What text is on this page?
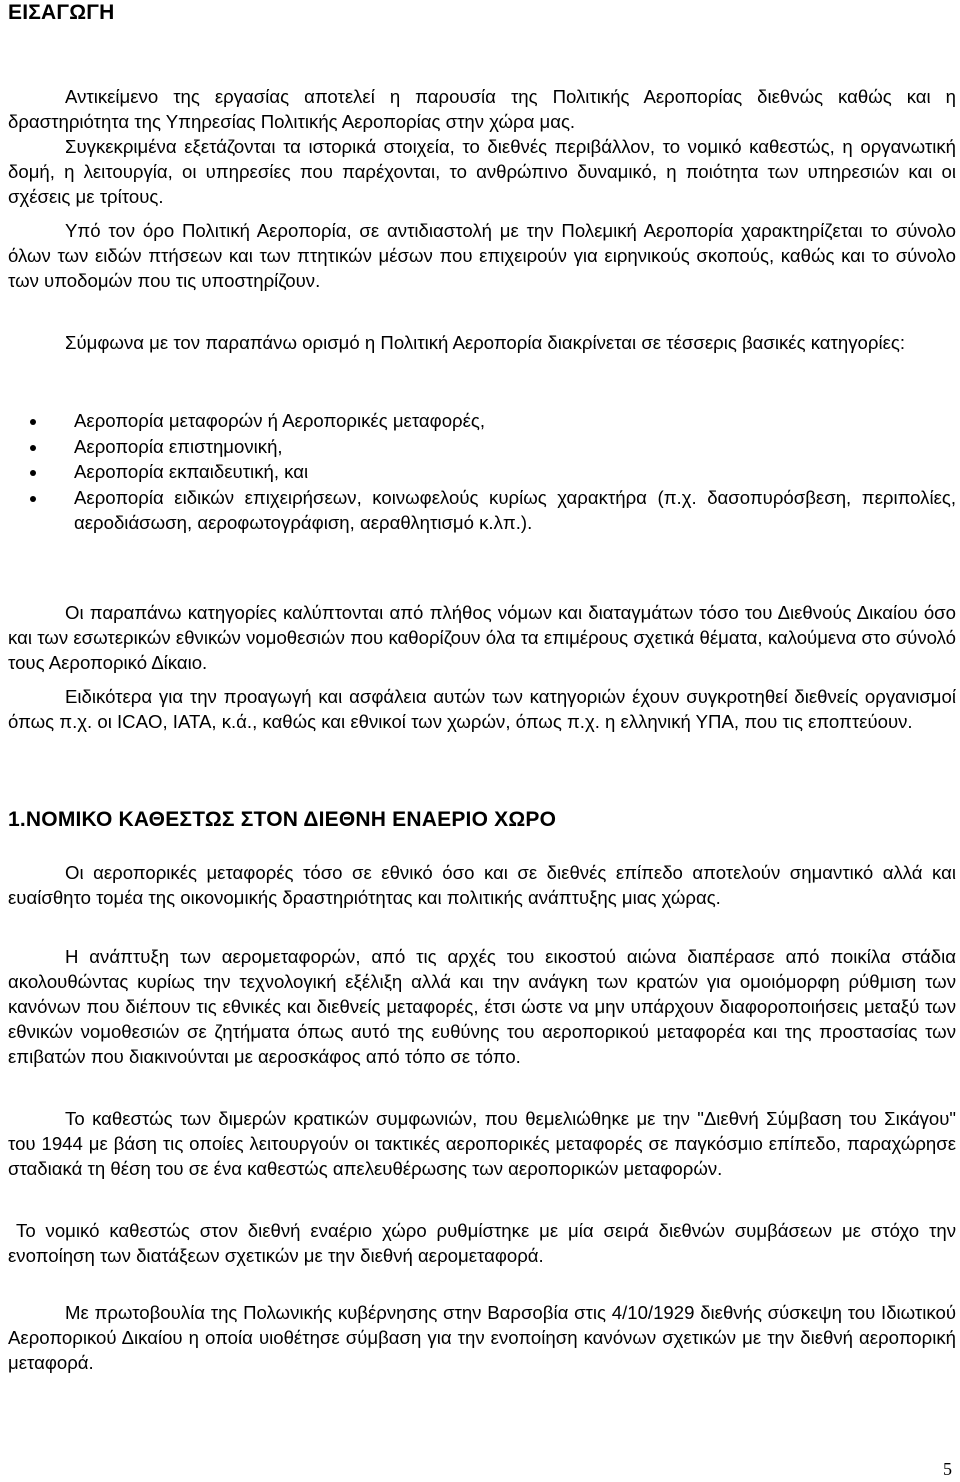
ΕΙΣΑΓΩΓΗ

Αντικείμενο της εργασίας αποτελεί η παρουσία της Πολιτικής Αεροπορίας διεθνώς καθώς και η δραστηριότητα της Υπηρεσίας Πολιτικής Αεροπορίας στην χώρα μας.

Συγκεκριμένα εξετάζονται τα ιστορικά στοιχεία, το διεθνές περιβάλλον, το νομικό καθεστώς, η οργανωτική δομή, η λειτουργία, οι υπηρεσίες που παρέχονται, το ανθρώπινο δυναμικό, η ποιότητα των υπηρεσιών και οι σχέσεις με τρίτους.

Υπό τον όρο Πολιτική Αεροπορία, σε αντιδιαστολή με την Πολεμική Αεροπορία χαρακτηρίζεται το σύνολο όλων των ειδών πτήσεων και των πτητικών μέσων που επιχειρούν για ειρηνικούς σκοπούς, καθώς και το σύνολο των υποδομών που τις υποστηρίζουν.

Σύμφωνα με τον παραπάνω ορισμό η Πολιτική Αεροπορία διακρίνεται σε τέσσερις βασικές κατηγορίες:

Αεροπορία μεταφορών ή Αεροπορικές μεταφορές,
Αεροπορία επιστημονική,
Αεροπορία εκπαιδευτική, και
Αεροπορία ειδικών επιχειρήσεων, κοινωφελούς κυρίως χαρακτήρα (π.χ. δασοπυρόσβεση, περιπολίες, αεροδιάσωση, αεροφωτογράφιση, αεραθλητισμό κ.λπ.).

Οι παραπάνω κατηγορίες καλύπτονται από πλήθος νόμων και διαταγμάτων τόσο του Διεθνούς Δικαίου όσο και των εσωτερικών εθνικών νομοθεσιών που καθορίζουν όλα τα επιμέρους σχετικά θέματα, καλούμενα στο σύνολό τους Αεροπορικό Δίκαιο.

Ειδικότερα για την προαγωγή και ασφάλεια αυτών των κατηγοριών έχουν συγκροτηθεί διεθνείς οργανισμοί όπως π.χ. οι ICAO, IATA, κ.ά., καθώς και εθνικοί των χωρών, όπως π.χ. η ελληνική ΥΠΑ, που τις εποπτεύουν.

1.ΝΟΜΙΚΟ ΚΑΘΕΣΤΩΣ ΣΤΟΝ ΔΙΕΘΝΗ ΕΝΑΕΡΙΟ ΧΩΡΟ

Οι αεροπορικές μεταφορές τόσο σε εθνικό όσο και σε διεθνές επίπεδο αποτελούν σημαντικό αλλά και ευαίσθητο τομέα της οικονομικής δραστηριότητας και πολιτικής ανάπτυξης μιας χώρας.

Η ανάπτυξη των αερομεταφορών, από τις αρχές του εικοστού αιώνα διαπέρασε από ποικίλα στάδια ακολουθώντας κυρίως την τεχνολογική εξέλιξη αλλά και την ανάγκη των κρατών για ομοιόμορφη ρύθμιση των κανόνων που διέπουν τις εθνικές και διεθνείς μεταφορές, έτσι ώστε να μην υπάρχουν διαφοροποιήσεις μεταξύ των εθνικών νομοθεσιών σε ζητήματα όπως αυτό της ευθύνης του αεροπορικού μεταφορέα και της προστασίας των επιβατών που διακινούνται με αεροσκάφος από τόπο σε τόπο.

Το καθεστώς των διμερών κρατικών συμφωνιών, που θεμελιώθηκε με την "Διεθνή Σύμβαση του Σικάγου" του 1944 με βάση τις οποίες λειτουργούν οι τακτικές αεροπορικές μεταφορές σε παγκόσμιο επίπεδο, παραχώρησε σταδιακά τη θέση του σε ένα καθεστώς απελευθέρωσης των αεροπορικών μεταφορών.

Το νομικό καθεστώς στον διεθνή εναέριο χώρο ρυθμίστηκε με μία σειρά διεθνών συμβάσεων με στόχο την ενοποίηση των διατάξεων σχετικών με την διεθνή αερομεταφορά.

Με πρωτοβουλία της Πολωνικής κυβέρνησης στην Βαρσοβία στις 4/10/1929 διεθνής σύσκεψη του Ιδιωτικού Αεροπορικού Δικαίου η οποία υιοθέτησε σύμβαση για την ενοποίηση κανόνων σχετικών με την διεθνή αεροπορική μεταφορά.

5
